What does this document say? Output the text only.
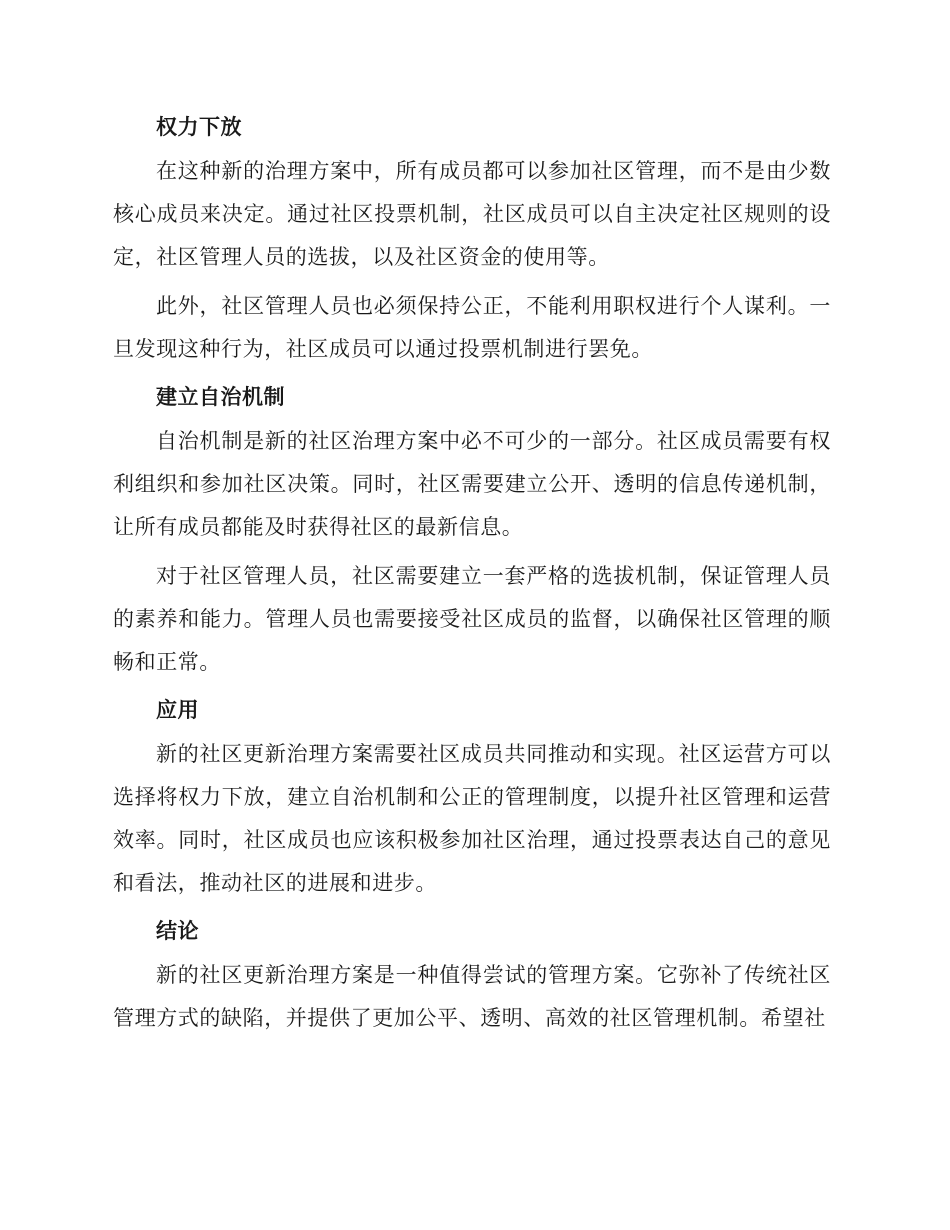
权力下放

在这种新的治理方案中，所有成员都可以参加社区管理，而不是由少数核心成员来决定。通过社区投票机制，社区成员可以自主决定社区规则的设定，社区管理人员的选拔，以及社区资金的使用等。

此外，社区管理人员也必须保持公正，不能利用职权进行个人谋利。一旦发现这种行为，社区成员可以通过投票机制进行罢免。

建立自治机制

自治机制是新的社区治理方案中必不可少的一部分。社区成员需要有权利组织和参加社区决策。同时，社区需要建立公开、透明的信息传递机制，让所有成员都能及时获得社区的最新信息。

对于社区管理人员，社区需要建立一套严格的选拔机制，保证管理人员的素养和能力。管理人员也需要接受社区成员的监督，以确保社区管理的顺畅和正常。

应用

新的社区更新治理方案需要社区成员共同推动和实现。社区运营方可以选择将权力下放，建立自治机制和公正的管理制度，以提升社区管理和运营效率。同时，社区成员也应该积极参加社区治理，通过投票表达自己的意见和看法，推动社区的进展和进步。

结论

新的社区更新治理方案是一种值得尝试的管理方案。它弥补了传统社区管理方式的缺陷，并提供了更加公平、透明、高效的社区管理机制。希望社
